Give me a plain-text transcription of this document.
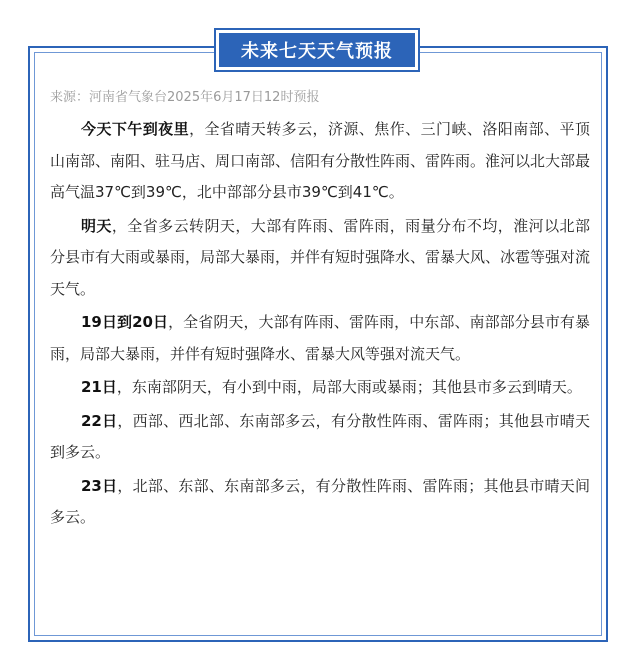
未来七天天气预报
来源：河南省气象台2025年6月17日12时预报

今天下午到夜里，全省晴天转多云，济源、焦作、三门峡、洛阳南部、平顶山南部、南阳、驻马店、周口南部、信阳有分散性阵雨、雷阵雨。淮河以北大部最高气温37℃到39℃，北中部部分县市39℃到41℃。

明天，全省多云转阴天，大部有阵雨、雷阵雨，雨量分布不均，淮河以北部分县市有大雨或暴雨，局部大暴雨，并伴有短时强降水、雷暴大风、冰雹等强对流天气。

19日到20日，全省阴天，大部有阵雨、雷阵雨，中东部、南部部分县市有暴雨，局部大暴雨，并伴有短时强降水、雷暴大风等强对流天气。

21日，东南部阴天，有小到中雨，局部大雨或暴雨；其他县市多云到晴天。

22日，西部、西北部、东南部多云，有分散性阵雨、雷阵雨；其他县市晴天到多云。

23日，北部、东部、东南部多云，有分散性阵雨、雷阵雨；其他县市晴天间多云。
